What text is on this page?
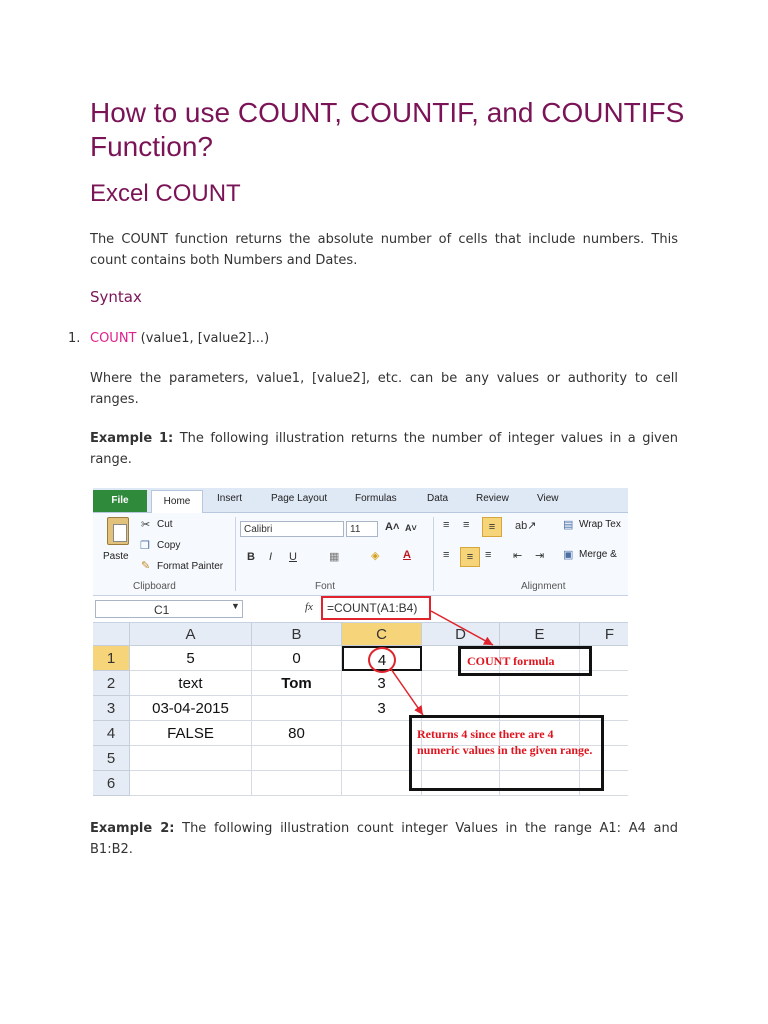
How to use COUNT, COUNTIF, and COUNTIFS Function?
Excel COUNT

The COUNT function returns the absolute number of cells that include numbers. This count contains both Numbers and Dates.

Syntax
1. COUNT (value1, [value2]...)

Where the parameters, value1, [value2], etc. can be any values or authority to cell ranges.

Example 1: The following illustration returns the number of integer values in a given range.

File	Home	Insert	Page Layout	Formulas	Data	Review	View
Paste
✂ Cut
❐ Copy
✎ Format Painter
Clipboard
Calibri	11	A˄ A˅
B I U	▦	◈ A
Font
≡ ≡	≡	ab↗ ▤ Wrap Tex
≡	≡	≡ ⇤ ⇥ ▣ Merge &
Alignment
C1	▼	fx	=COUNT(A1:B4)
A	B	C	D	E	F
1
2
3
4
5
6
5	0	4
text	Tom	3
03-04-2015	3
FALSE	80
COUNT formula
Returns 4 since there are 4 numeric values in the given range.

Example 2: The following illustration count integer Values in the range A1: A4 and B1:B2.
